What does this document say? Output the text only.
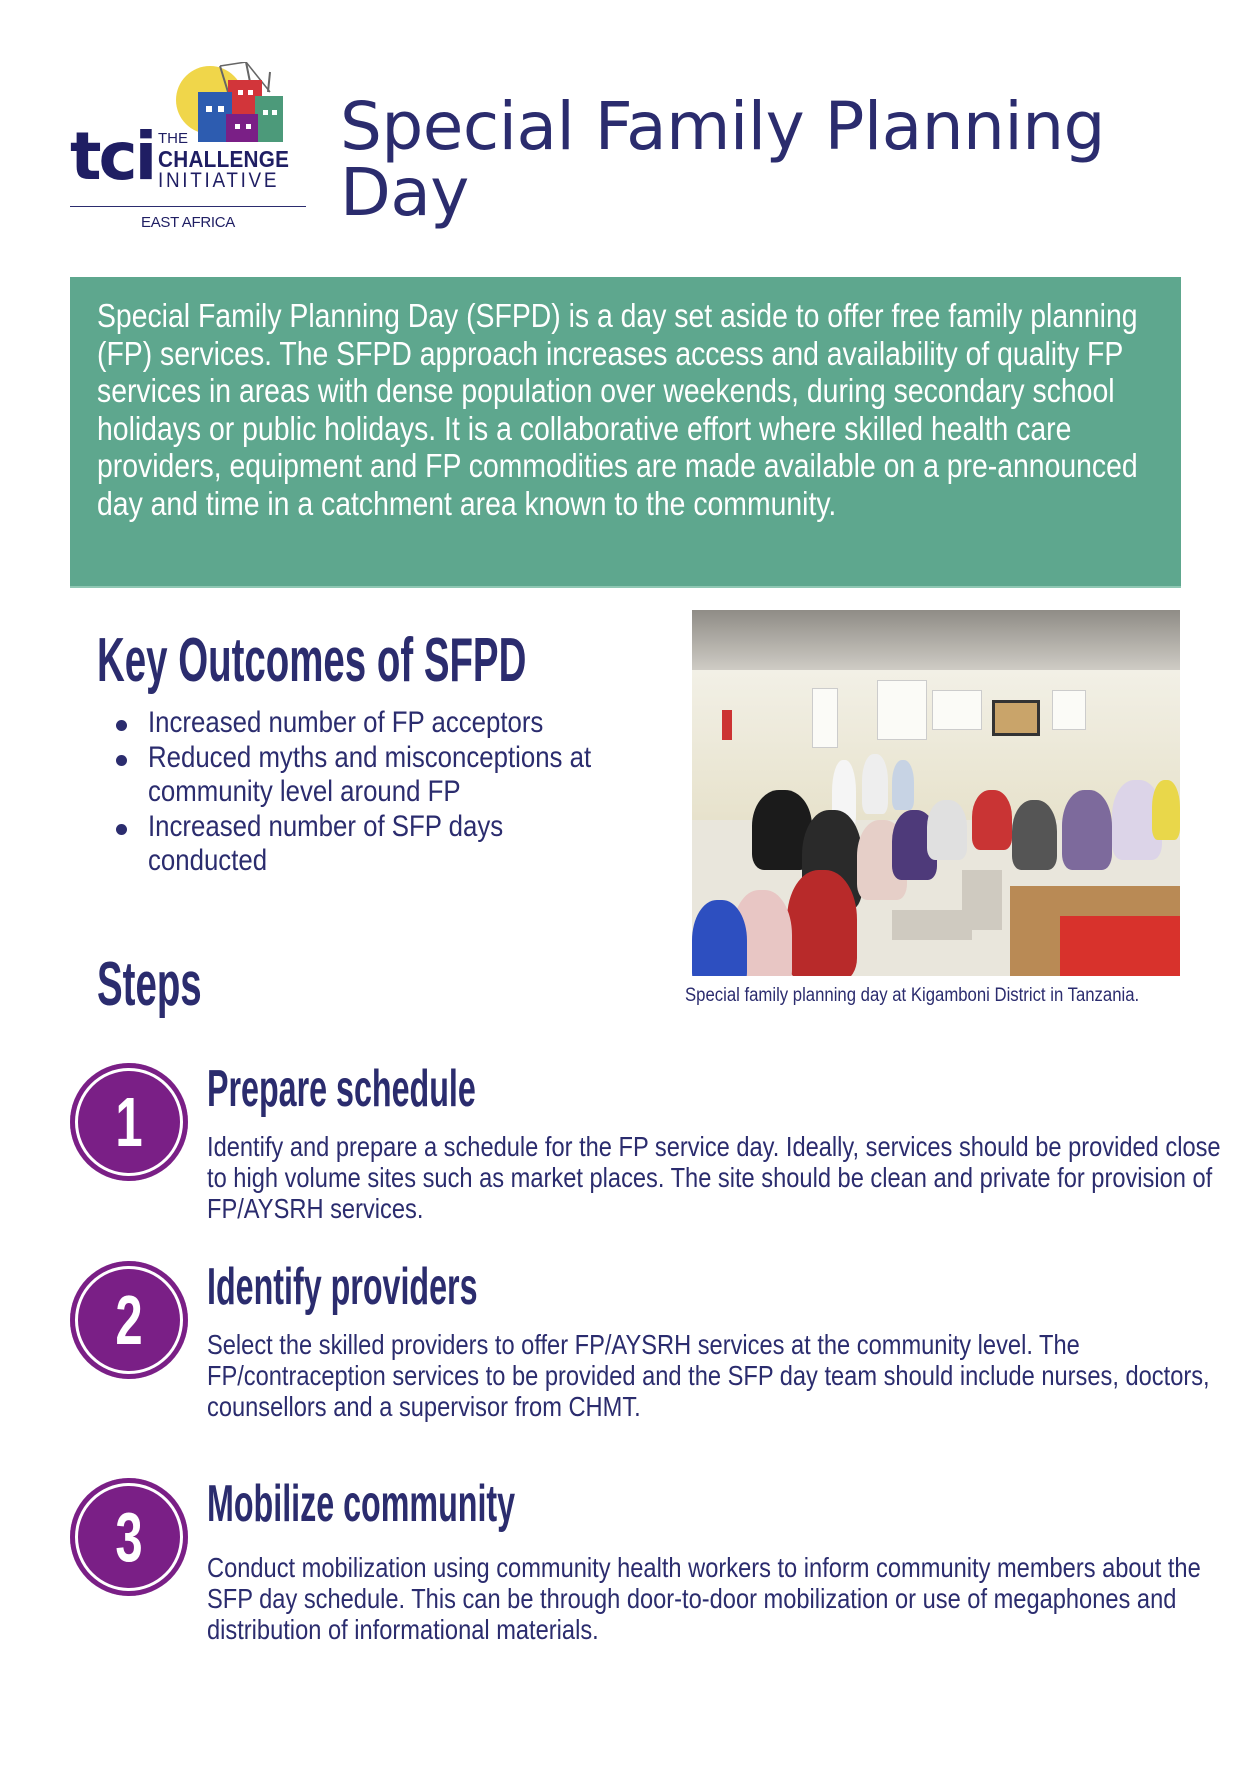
tci THE
CHALLENGE
INITIATIVE
EAST AFRICA
Special Family Planning Day

Special Family Planning Day (SFPD) is a day set aside to offer free family planning (FP) services. The SFPD approach increases access and availability of quality FP services in areas with dense population over weekends, during secondary school holidays or public holidays. It is a collaborative effort where skilled health care providers, equipment and FP commodities are made available on a pre-announced day and time in a catchment area known to the community.

Key Outcomes of SFPD
Increased number of FP acceptors
Reduced myths and misconceptions at community level around FP
Increased number of SFP days conducted
Special family planning day at Kigamboni District in Tanzania.
Steps
1	Prepare schedule
Identify and prepare a schedule for the FP service day. Ideally, services should be provided close to high volume sites such as market places. The site should be clean and private for provision of FP/AYSRH services.
2	Identify providers
Select the skilled providers to offer FP/AYSRH services at the community level. The FP/contraception services to be provided and the SFP day team should include nurses, doctors, counsellors and a supervisor from CHMT.
3	Mobilize community
Conduct mobilization using community health workers to inform community members about the SFP day schedule. This can be through door-to-door mobilization or use of megaphones and distribution of informational materials.
